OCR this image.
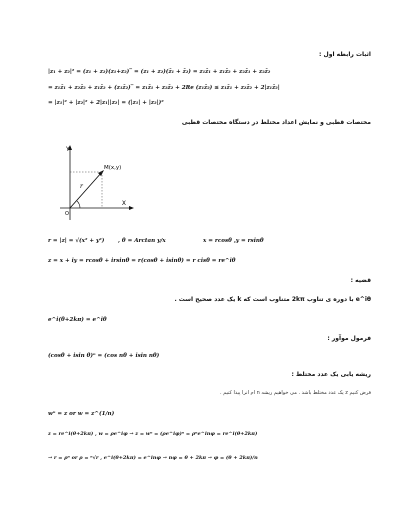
اثبات رابطه اول :
|z₁ + z₂|² = (z₁ + z₂)(z₁+z₂)‾ = (z₁ + z₂)(z̄₁ + z̄₂) = z₁z̄₁ + z₁z̄₂ + z₂z̄₁ + z₂z̄₂
= z₁z̄₁ + z₂z̄₂ + z₁z̄₂ + (z₁z̄₂)‾ = z₁z̄₁ + z₂z̄₂ + 2Re (z₁z̄₂) ≤ z₁z̄₁ + z₂z̄₂ + 2|z₁z̄₂|
= |z₁|² + |z₂|² + 2|z₁||z₂| = (|z₁| + |z₂|)²
مختصات قطبی و نمایش اعداد مختلط در دستگاه مختصات قطبی
Y
X
O
M(x,y)
r
r = |z| = √(x² + y²) , θ = Arctan y/x	x = rcosθ ,y = rsinθ
z = x + iy = rcosθ + irsinθ = r(cosθ + isinθ) = r cisθ = re^iθ
قضیه :
e^iθ با دوره ی تناوب 2kπ متناوب است که k یک عدد صحیح است .
e^i(θ+2kπ) = e^iθ
فرمول موآور :
(cosθ + isin θ)ⁿ = (cos nθ + isin nθ)
ریشه یابی یک عدد مختلط :
فرض کنیم z یک عدد مختلط باشد . می خواهیم ریشه n ام انرا پیدا کنیم .
wⁿ = z or w = z^(1/n)
z = re^i(θ+2kπ) , w = ρe^iφ → z = wⁿ = (ρe^iφ)ⁿ = ρⁿe^inφ = re^i(θ+2kπ)
→ r = ρⁿ or ρ = ⁿ√r , e^i(θ+2kπ) = e^inφ → nφ = θ + 2kπ → φ = (θ + 2kπ)/n
